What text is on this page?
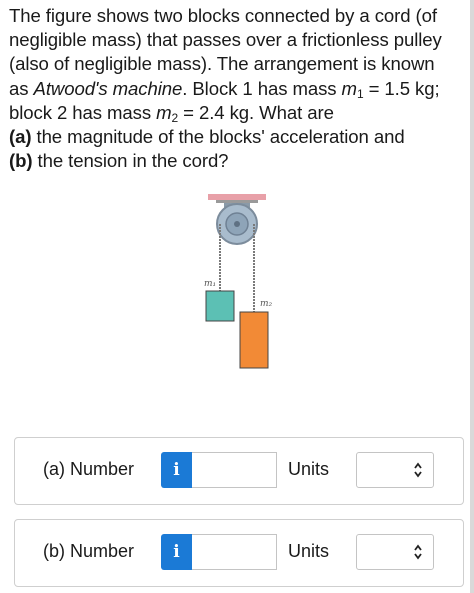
The figure shows two blocks connected by a cord (of negligible mass) that passes over a frictionless pulley (also of negligible mass). The arrangement is known as Atwood's machine. Block 1 has mass $m_1 = 1.5$ kg; block 2 has mass $m_2 = 2.4$ kg. What are
(a) the magnitude of the blocks' acceleration and
(b) the tension in the cord?
m₁
m₂
(a) Number	i	Units
(b) Number	i	Units
